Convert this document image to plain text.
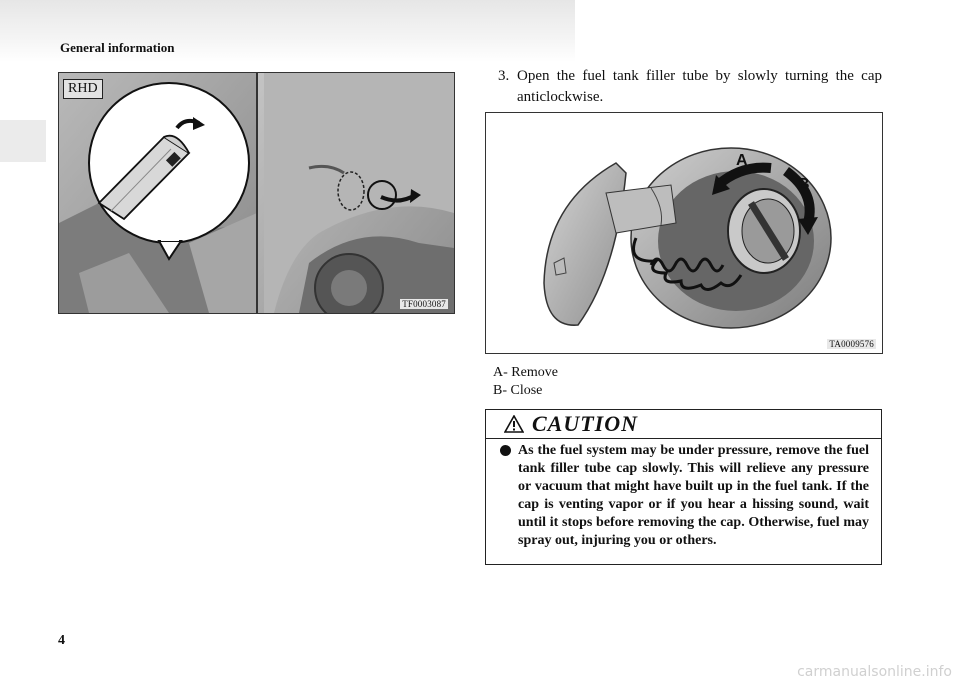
General information
RHD
TF0003087
3. Open the fuel tank filler tube by slowly turning the cap anticlockwise.
A
B
TA0009576
A- Remove
B- Close
CAUTION
As the fuel system may be under pressure, remove the fuel tank filler tube cap slowly. This will relieve any pressure or vacuum that might have built up in the fuel tank. If the cap is venting vapor or if you hear a hissing sound, wait until it stops before removing the cap. Otherwise, fuel may spray out, injuring you or others.
4
carmanualsonline.info
